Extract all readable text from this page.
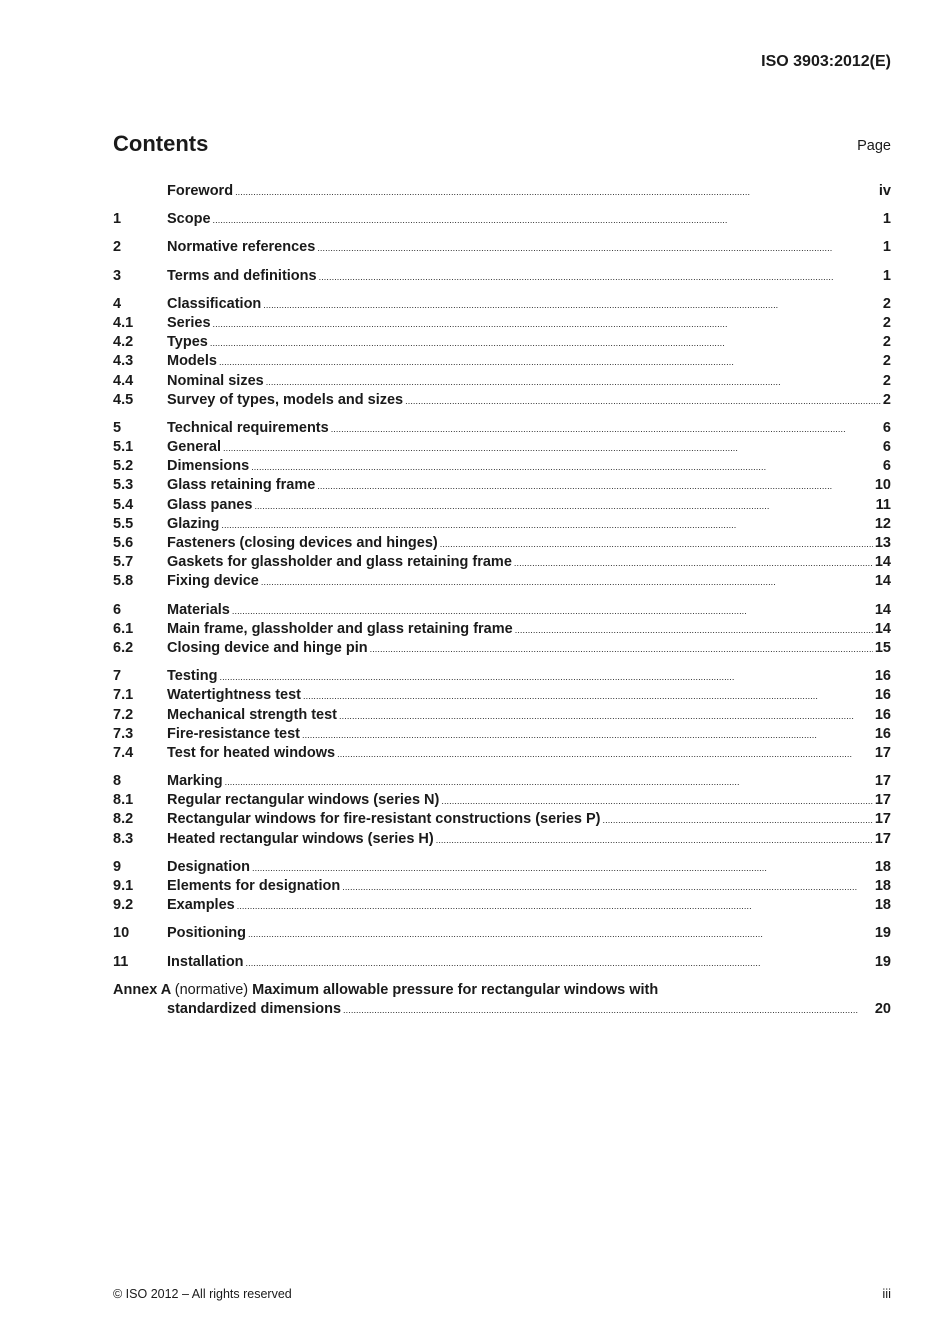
ISO 3903:2012(E)
Contents	Page
Foreword . . .	iv
1	Scope . . .	1
2	Normative references . . .	1
3	Terms and definitions . . .	1
4	Classification . . .	2
4.1	Series . . .	2
4.2	Types . . .	2
4.3	Models . . .	2
4.4	Nominal sizes . . .	2
4.5	Survey of types, models and sizes . . .	2
5	Technical requirements . . .	6
5.1	General . . .	6
5.2	Dimensions . . .	6
5.3	Glass retaining frame . . .	10
5.4	Glass panes . . .	11
5.5	Glazing . . .	12
5.6	Fasteners (closing devices and hinges) . . .	13
5.7	Gaskets for glassholder and glass retaining frame . . .	14
5.8	Fixing device . . .	14
6	Materials . . .	14
6.1	Main frame, glassholder and glass retaining frame . . .	14
6.2	Closing device and hinge pin . . .	15
7	Testing . . .	16
7.1	Watertightness test . . .	16
7.2	Mechanical strength test . . .	16
7.3	Fire-resistance test . . .	16
7.4	Test for heated windows . . .	17
8	Marking . . .	17
8.1	Regular rectangular windows (series N) . . .	17
8.2	Rectangular windows for fire-resistant constructions (series P) . . .	17
8.3	Heated rectangular windows (series H) . . .	17
9	Designation . . .	18
9.1	Elements for designation . . .	18
9.2	Examples . . .	18
10	Positioning . . .	19
11	Installation . . .	19
Annex A (normative) Maximum allowable pressure for rectangular windows with
standardized dimensions . . .	20
© ISO 2012 – All rights reserved	iii
